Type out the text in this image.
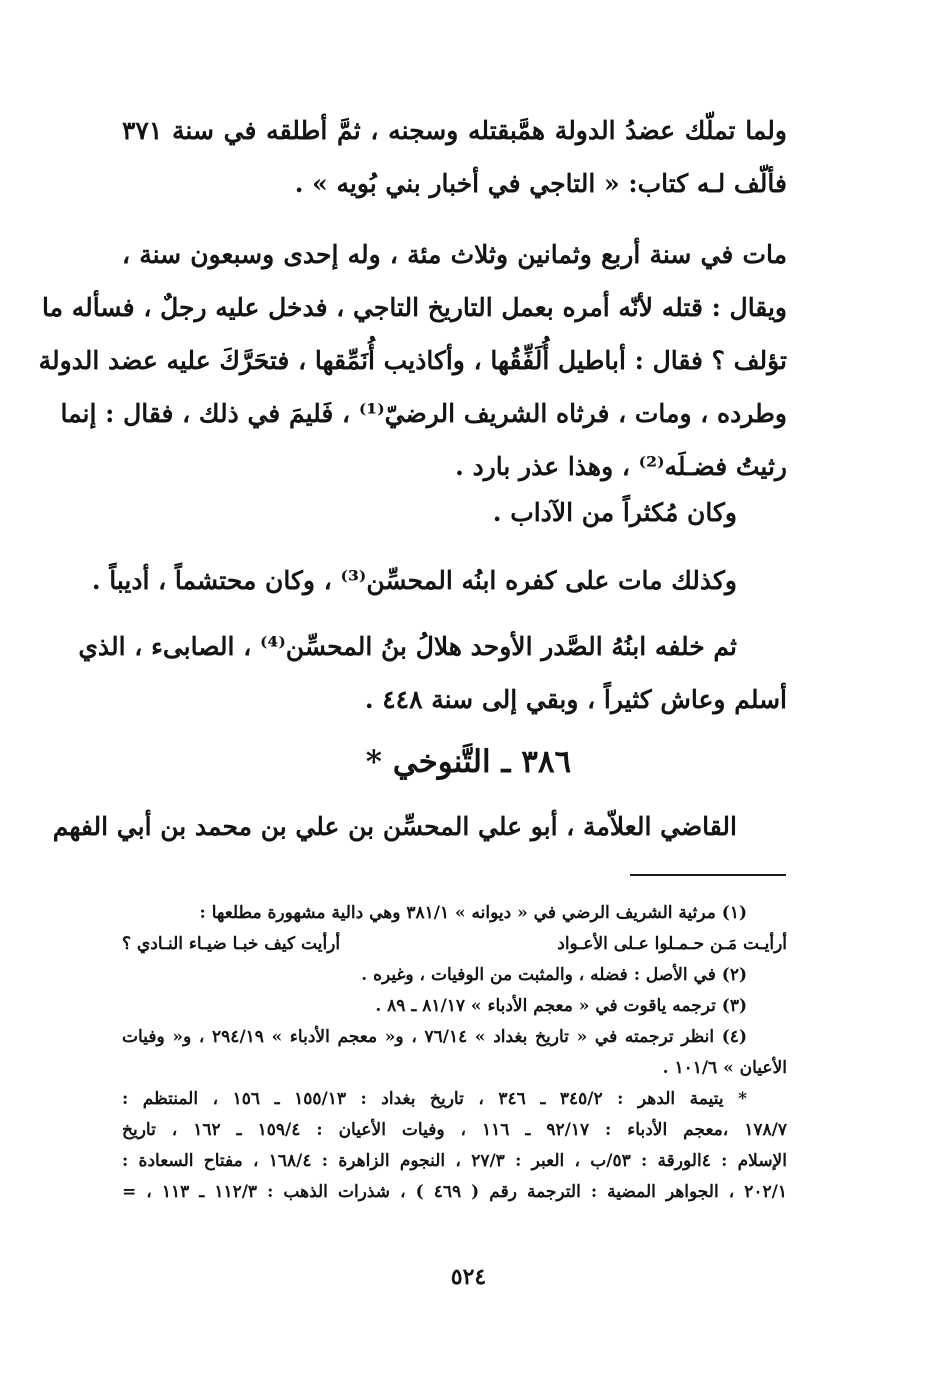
ولما تملّك عضدُ الدولة همَّبقتله وسجنه ، ثمَّ أطلقه في سنة ٣٧١
فألّف لـه كتاب: « التاجي في أخبار بني بُويه » .
مات في سنة أربع وثمانين وثلاث مئة ، وله إحدى وسبعون سنة ،
ويقال : قتله لأنّه أمره بعمل التاريخ التاجي ، فدخل عليه رجلٌ ، فسأله ما
تؤلف ؟ فقال : أباطيل أُلَفِّقُها ، وأكاذيب أُنَمِّقها ، فتحَرَّكَ عليه عضد الدولة
وطرده ، ومات ، فرثاه الشريف الرضيّ⁽¹⁾ ، فَليمَ في ذلك ، فقال : إنما
رثيتُ فضـلَه⁽²⁾ ، وهذا عذر بارد .
وكان مُكثراً من الآداب .
وكذلك مات على كفره ابنُه المحسِّن⁽³⁾ ، وكان محتشماً ، أديباً .
ثم خلفه ابنُهُ الصَّدر الأوحد هلالُ بنُ المحسِّن⁽⁴⁾ ، الصابىء ، الذي
أسلم وعاش كثيراً ، وبقي إلى سنة ٤٤٨ .
٣٨٦ ـ التَّنوخي *
القاضي العلاّمة ، أبو علي المحسِّن بن علي بن محمد بن أبي الفهم
(١) مرثية الشريف الرضي في « ديوانه » ٣٨١/١ وهي دالية مشهورة مطلعها :
أرأيـت مَـن حـمـلوا عـلى الأعـواد
أرأيت كيف خبـا ضيـاء النـادي ؟
(٢) في الأصل : فضله ، والمثبت من الوفيات ، وغيره .
(٣) ترجمه ياقوت في « معجم الأدباء » ٨١/١٧ ـ ٨٩ .
(٤) انظر ترجمته في « تاريخ بغداد » ٧٦/١٤ ، و« معجم الأدباء » ٢٩٤/١٩ ، و« وفيات
الأعيان » ١٠١/٦ .
* يتيمة الدهر : ٣٤٥/٢ ـ ٣٤٦ ، تاريخ بغداد : ١٥٥/١٣ ـ ١٥٦ ، المنتظم :
١٧٨/٧ ،معجم الأدباء : ٩٢/١٧ ـ ١١٦ ، وفيات الأعيان : ١٥٩/٤ ـ ١٦٢ ، تاريخ
الإسلام : ٤الورقة : ٥٣/ب ، العبر : ٢٧/٣ ، النجوم الزاهرة : ١٦٨/٤ ، مفتاح السعادة :
٢٠٢/١ ، الجواهر المضية : الترجمة رقم ( ٤٦٩ ) ، شذرات الذهب : ١١٢/٣ ـ ١١٣ ، =
٥٢٤
